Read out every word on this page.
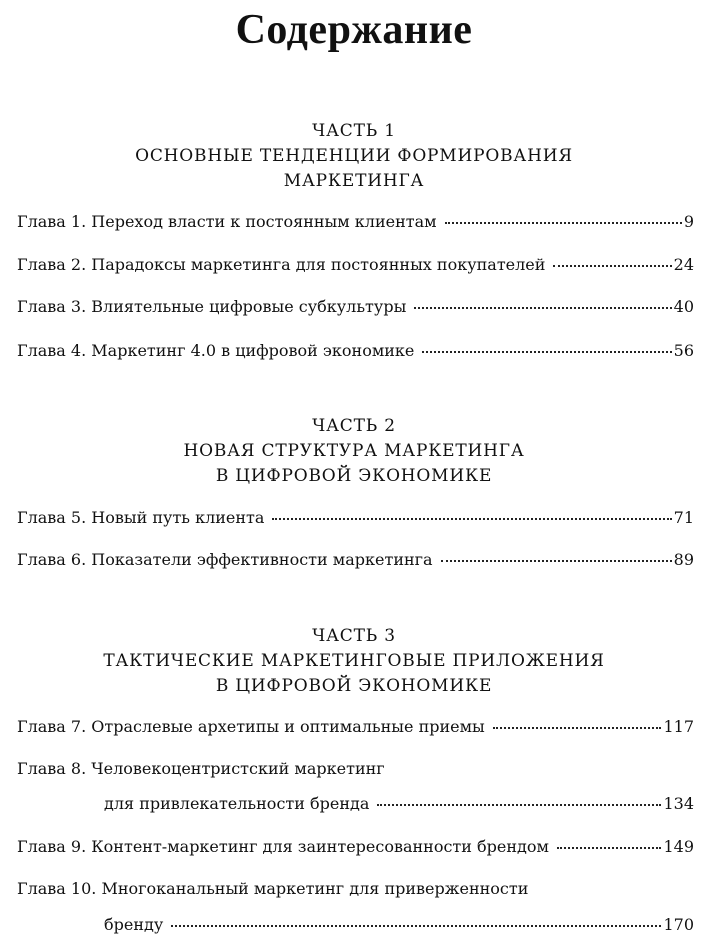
Содержание
ЧАСТЬ 1
ОСНОВНЫЕ ТЕНДЕНЦИИ ФОРМИРОВАНИЯ
МАРКЕТИНГА
Глава 1. Переход власти к постоянным клиентам	9
Глава 2. Парадоксы маркетинга для постоянных покупателей	24
Глава 3. Влиятельные цифровые субкультуры	40
Глава 4. Маркетинг 4.0 в цифровой экономике	56
ЧАСТЬ 2
НОВАЯ СТРУКТУРА МАРКЕТИНГА
В ЦИФРОВОЙ ЭКОНОМИКЕ
Глава 5. Новый путь клиента	71
Глава 6. Показатели эффективности маркетинга	89
ЧАСТЬ 3
ТАКТИЧЕСКИЕ МАРКЕТИНГОВЫЕ ПРИЛОЖЕНИЯ
В ЦИФРОВОЙ ЭКОНОМИКЕ
Глава 7. Отраслевые архетипы и оптимальные приемы	117
Глава 8. Человекоцентристский маркетинг
для привлекательности бренда	134
Глава 9. Контент-маркетинг для заинтересованности брендом	149
Глава 10. Многоканальный маркетинг для приверженности
бренду	170
